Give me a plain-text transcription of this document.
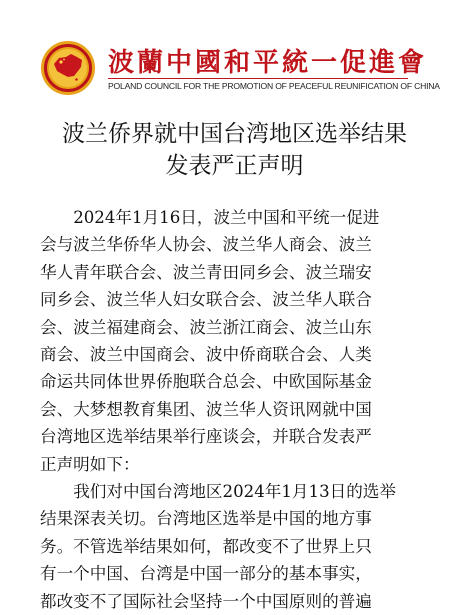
波蘭中國和平統一促進會
POLAND COUNCIL FOR THE PROMOTION OF PEACEFUL REUNIFICATION OF CHINA
波兰侨界就中国台湾地区选举结果
发表严正声明

2024年1月16日，波兰中国和平统一促进
会与波兰华侨华人协会、波兰华人商会、波兰
华人青年联合会、波兰青田同乡会、波兰瑞安
同乡会、波兰华人妇女联合会、波兰华人联合
会、波兰福建商会、波兰浙江商会、波兰山东
商会、波兰中国商会、波中侨商联合会、人类
命运共同体世界侨胞联合总会、中欧国际基金
会、大梦想教育集团、波兰华人资讯网就中国
台湾地区选举结果举行座谈会，并联合发表严
正声明如下：

我们对中国台湾地区2024年1月13日的选举
结果深表关切。台湾地区选举是中国的地方事
务。不管选举结果如何，都改变不了世界上只
有一个中国、台湾是中国一部分的基本事实，
都改变不了国际社会坚持一个中国原则的普遍
